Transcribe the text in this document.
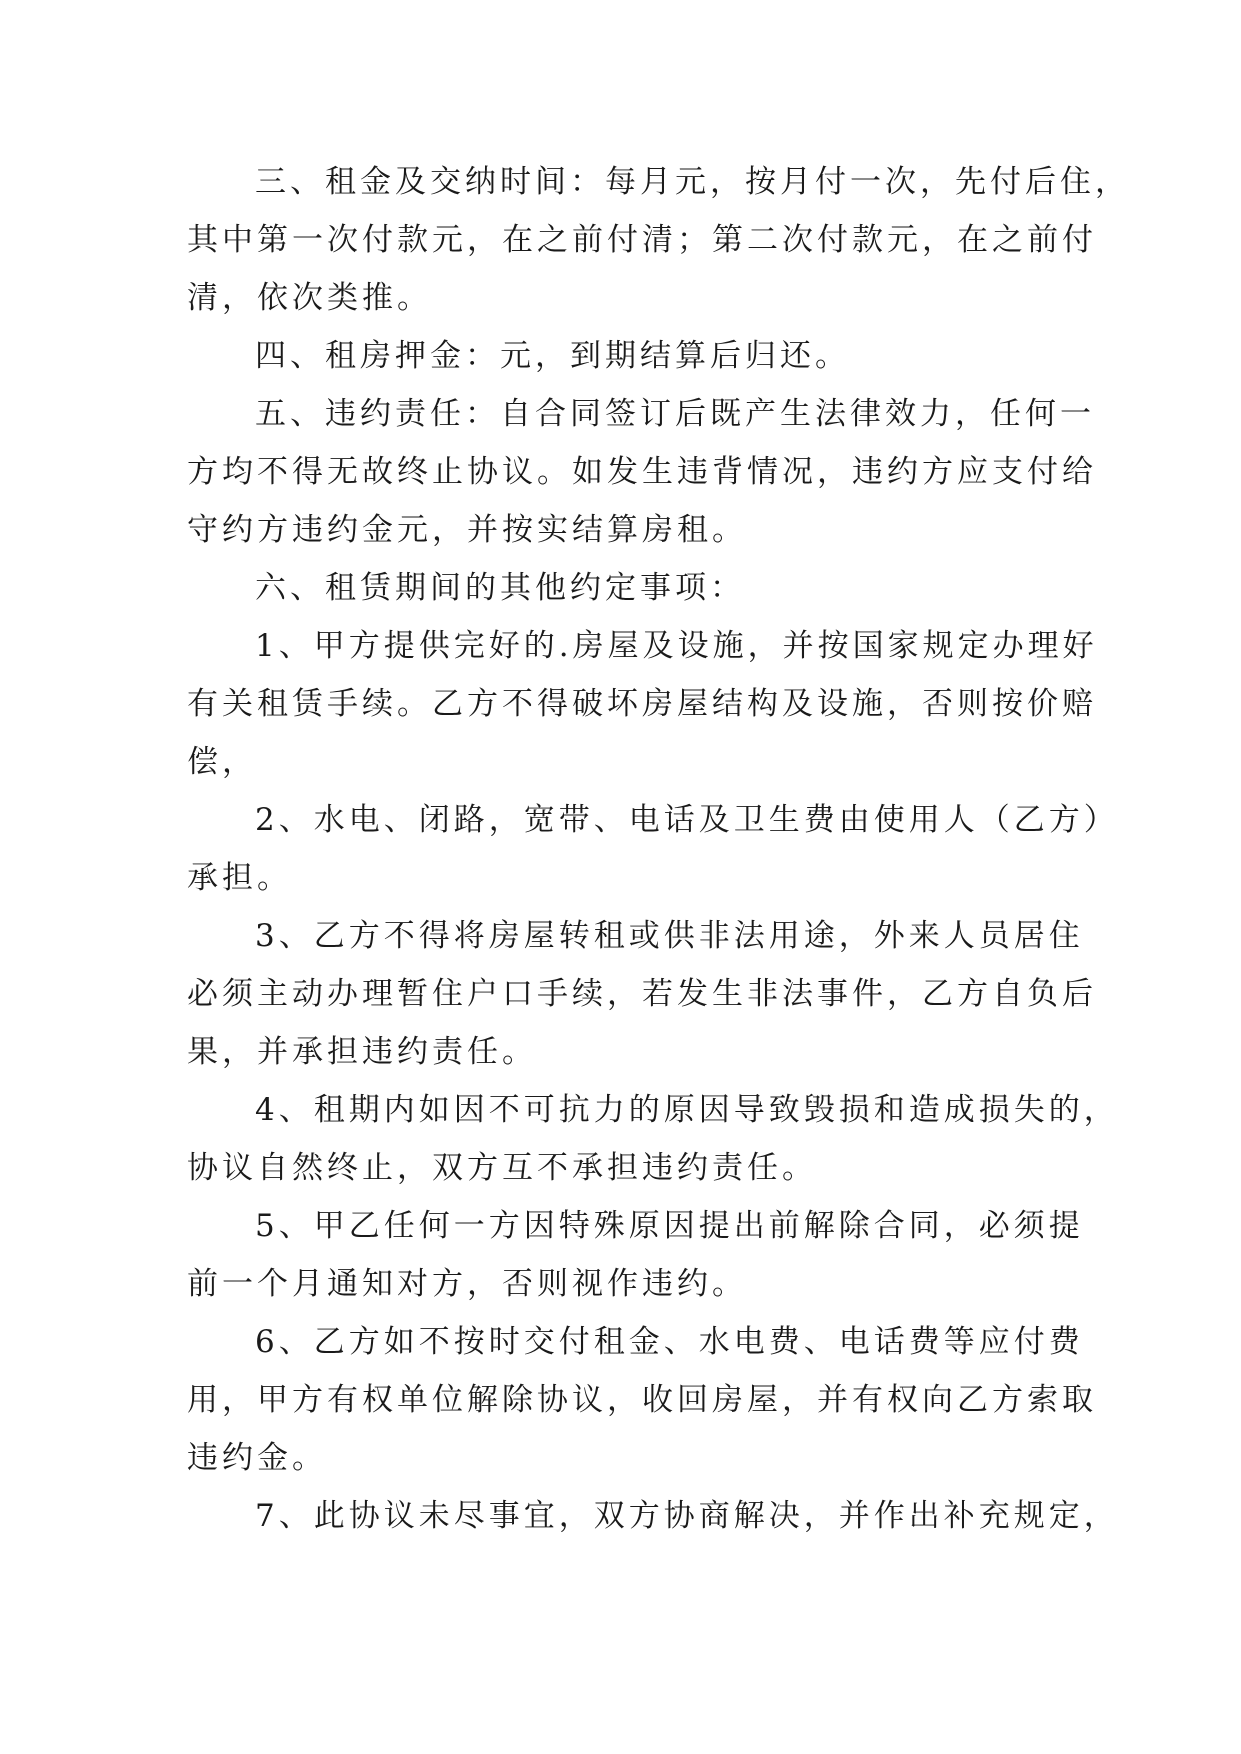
三、租金及交纳时间：每月元，按月付一次，先付后住，
其中第一次付款元，在之前付清；第二次付款元，在之前付
清，依次类推。
四、租房押金：元，到期结算后归还。
五、违约责任：自合同签订后既产生法律效力，任何一
方均不得无故终止协议。如发生违背情况，违约方应支付给
守约方违约金元，并按实结算房租。
六、租赁期间的其他约定事项：
1、甲方提供完好的.房屋及设施，并按国家规定办理好
有关租赁手续。乙方不得破坏房屋结构及设施，否则按价赔
偿，
2、水电、闭路，宽带、电话及卫生费由使用人（乙方）
承担。
3、乙方不得将房屋转租或供非法用途，外来人员居住
必须主动办理暂住户口手续，若发生非法事件，乙方自负后
果，并承担违约责任。
4、租期内如因不可抗力的原因导致毁损和造成损失的，
协议自然终止，双方互不承担违约责任。
5、甲乙任何一方因特殊原因提出前解除合同，必须提
前一个月通知对方，否则视作违约。
6、乙方如不按时交付租金、水电费、电话费等应付费
用，甲方有权单位解除协议，收回房屋，并有权向乙方索取
违约金。
7、此协议未尽事宜，双方协商解决，并作出补充规定，
